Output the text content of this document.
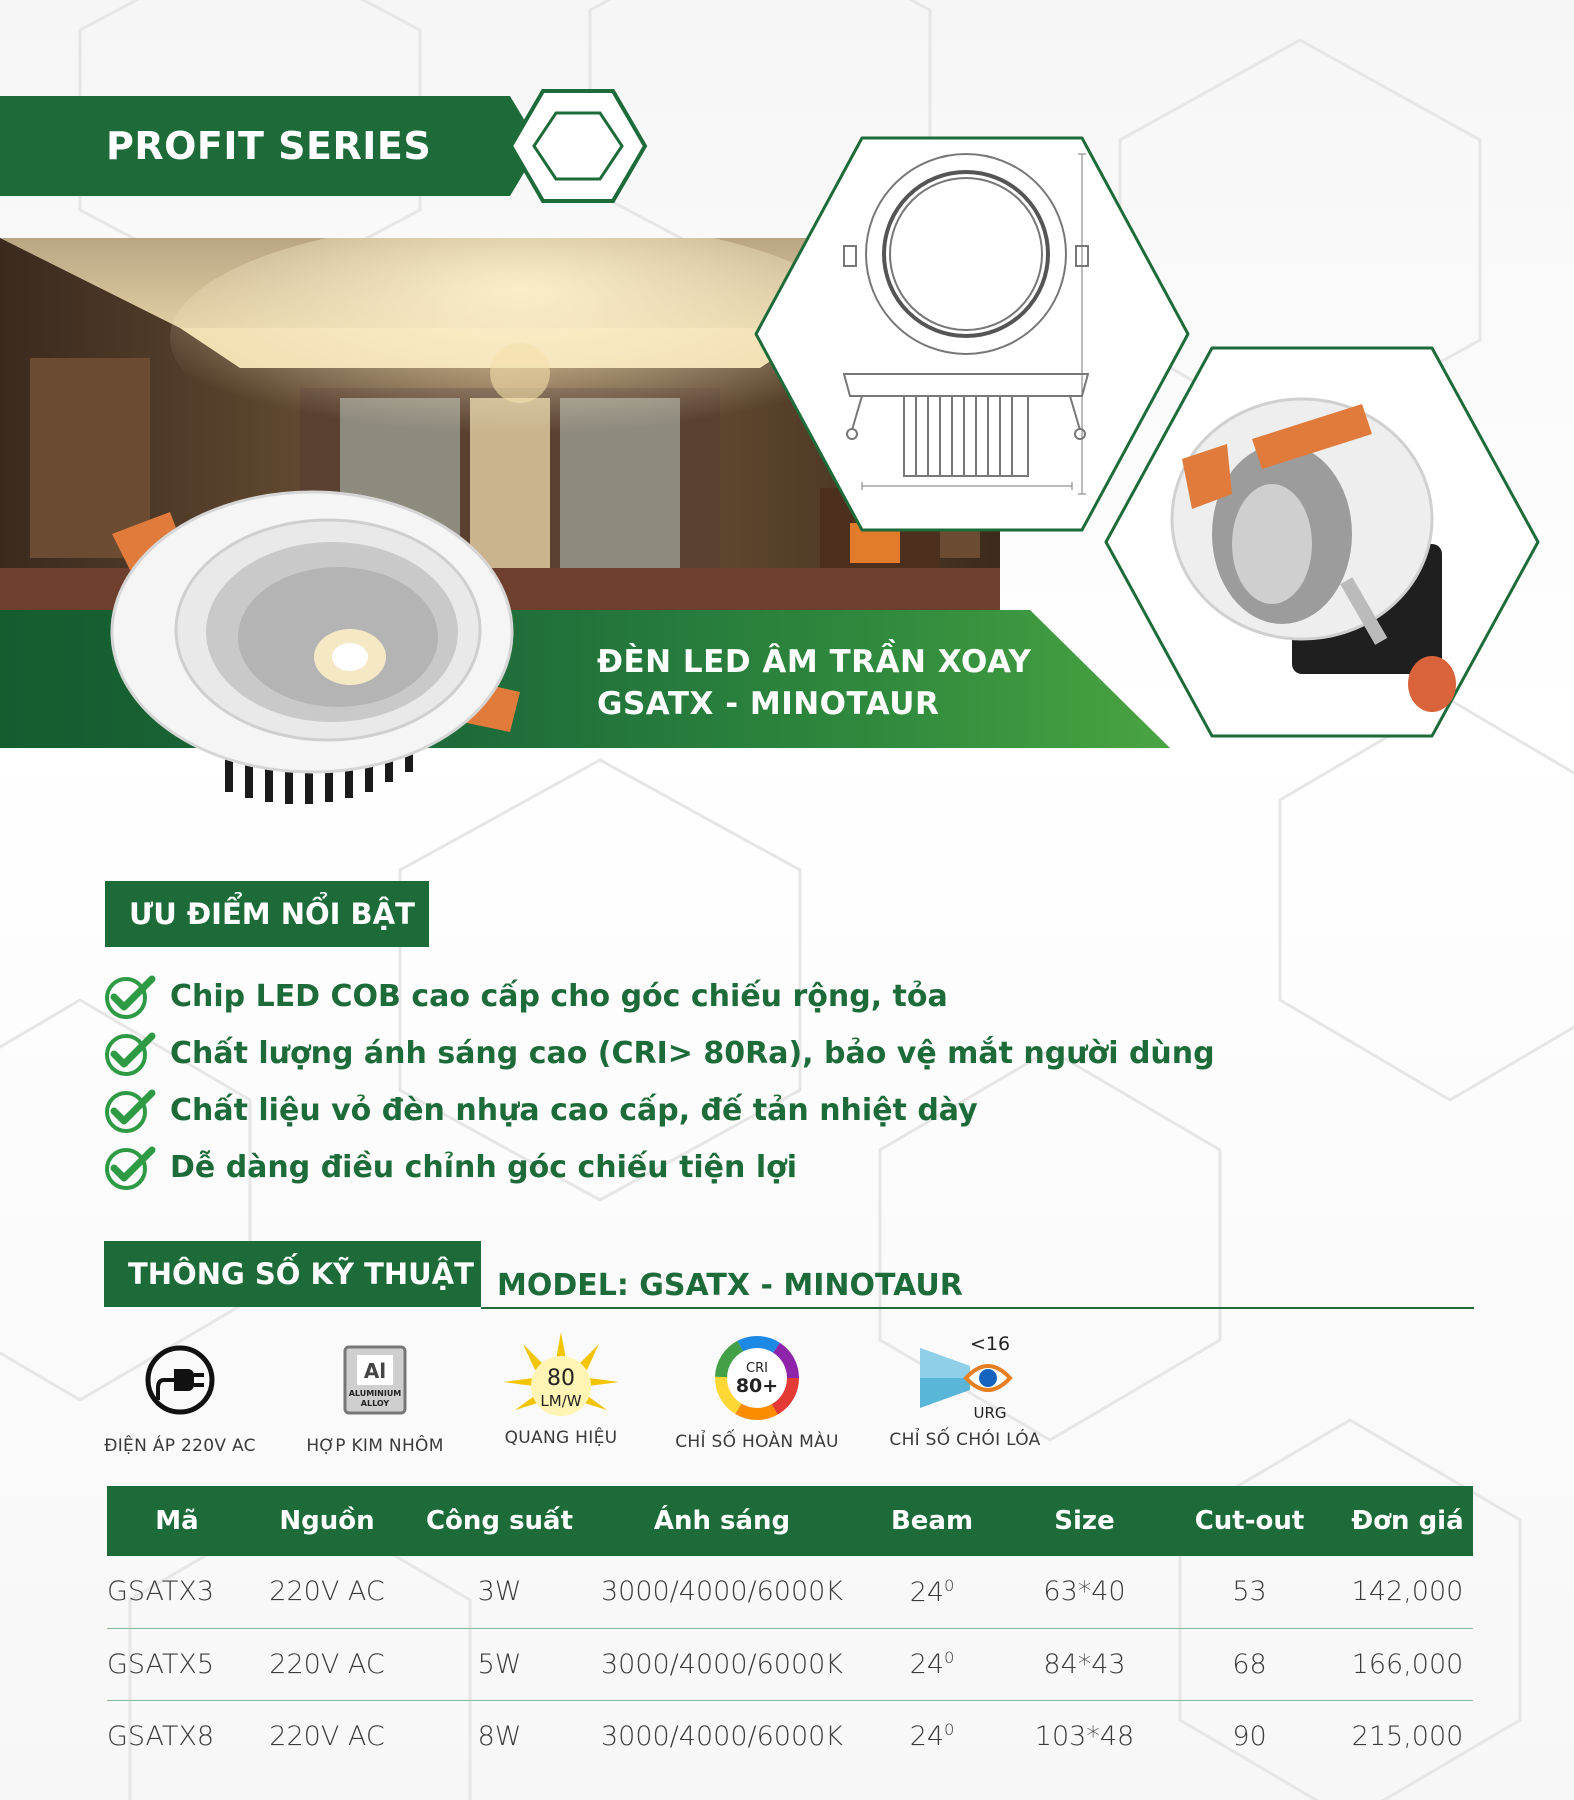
PROFIT SERIES
ĐÈN LED ÂM TRẦN XOAY
GSATX - MINOTAUR
ƯU ĐIỂM NỔI BẬT
Chip LED COB cao cấp cho góc chiếu rộng, tỏa
Chất lượng ánh sáng cao (CRI> 80Ra), bảo vệ mắt người dùng
Chất liệu vỏ đèn nhựa cao cấp, đế tản nhiệt dày
Dễ dàng điều chỉnh góc chiếu tiện lợi
THÔNG SỐ KỸ THUẬT MODEL: GSATX - MINOTAUR
ĐIỆN ÁP 220V AC
Al
ALUMINIUM
ALLOY
HỢP KIM NHÔM
80
LM/W
QUANG HIỆU
CRI
80+
CHỈ SỐ HOÀN MÀU
<16
URG
CHỈ SỐ CHÓI LÓA
Mã	Nguồn	Công suất	Ánh sáng	Beam	Size	Cut-out	Đơn giá
GSATX3	220V AC	3W	3000/4000/6000K	$24^0$	63*40	53	142,000
GSATX5	220V AC	5W	3000/4000/6000K	$24^0$	84*43	68	166,000
GSATX8	220V AC	8W	3000/4000/6000K	$24^0$	103*48	90	215,000
